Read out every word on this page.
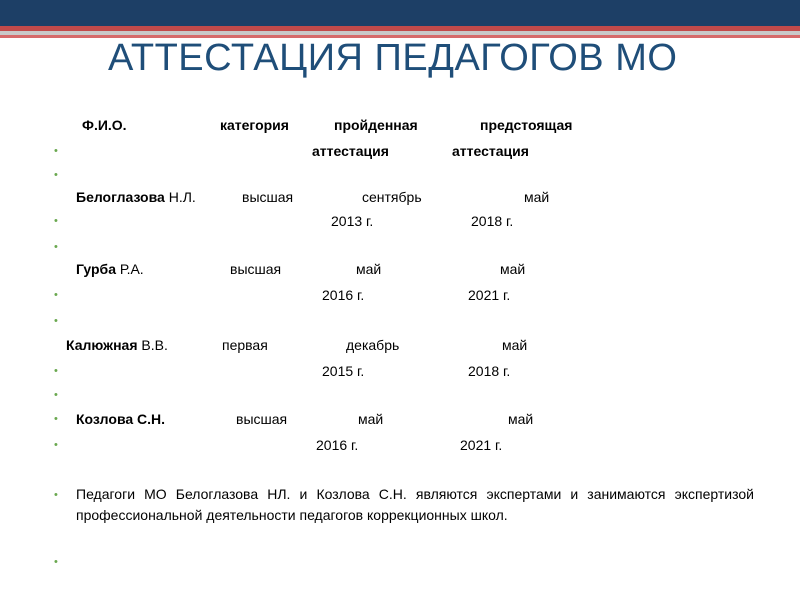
АТТЕСТАЦИЯ ПЕДАГОГОВ МО
Ф.И.О.	категория	пройденная	предстоящая
•	аттестация	аттестация
•
Белоглазова Н.Л.	высшая	сентябрь	май
•	2013 г.	2018 г.
•
Гурба Р.А.	высшая	май	май
•	2016 г.	2021 г.
•
Калюжная В.В.	первая	декабрь	май
•	2015 г.	2018 г.
•
• Козлова С.Н.	высшая	май	май
•	2016 г.	2021 г.
• Педагоги МО Белоглазова НЛ. и Козлова С.Н. являются экспертами и занимаются экспертизой профессиональной деятельности педагогов коррекционных школ.
•
